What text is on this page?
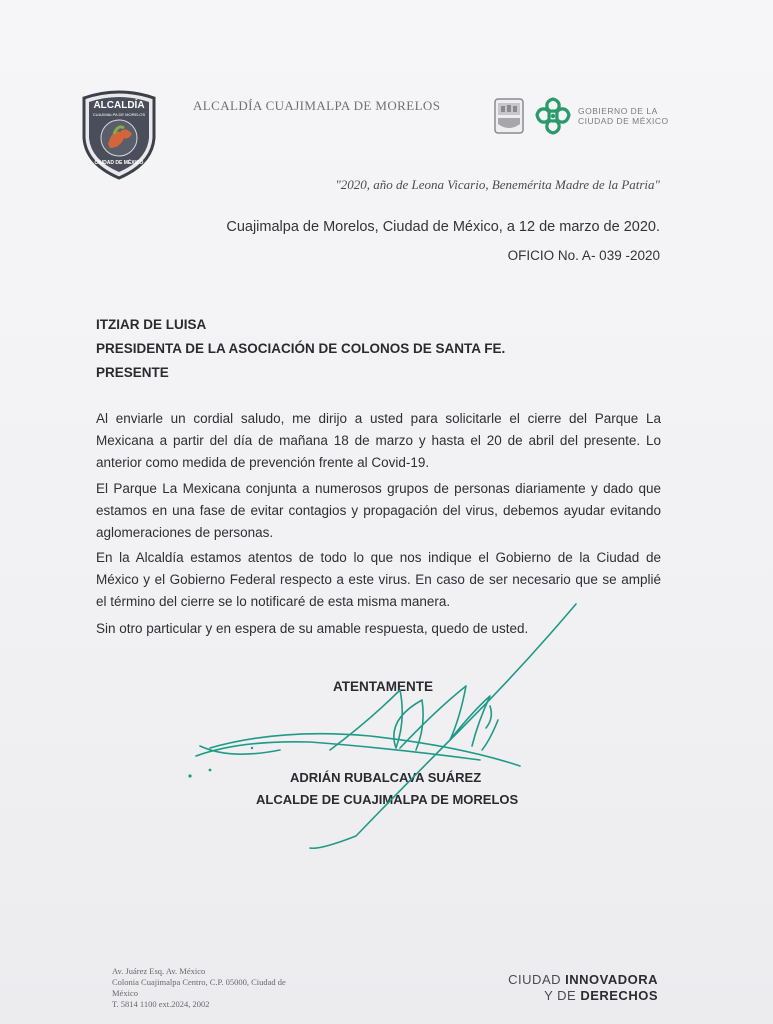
ALCALDÍA
CUAJIMALPA DE MORELOS
CIUDAD DE MÉXICO
ALCALDÍA CUAJIMALPA DE MORELOS	GOBIERNO DE LA
CIUDAD DE MÉXICO
"2020, año de Leona Vicario, Benemérita Madre de la Patria"
Cuajimalpa de Morelos, Ciudad de México, a 12 de marzo de 2020.
OFICIO No. A- 039 -2020
ITZIAR DE LUISA
PRESIDENTA DE LA ASOCIACIÓN DE COLONOS DE SANTA FE.
PRESENTE
Al enviarle un cordial saludo, me dirijo a usted para solicitarle el cierre del Parque La Mexicana a partir del día de mañana 18 de marzo y hasta el 20 de abril del presente. Lo anterior como medida de prevención frente al Covid-19.
El Parque La Mexicana conjunta a numerosos grupos de personas diariamente y dado que estamos en una fase de evitar contagios y propagación del virus, debemos ayudar evitando aglomeraciones de personas.
En la Alcaldía estamos atentos de todo lo que nos indique el Gobierno de la Ciudad de México y el Gobierno Federal respecto a este virus. En caso de ser necesario que se amplié el término del cierre se lo notificaré de esta misma manera.
Sin otro particular y en espera de su amable respuesta, quedo de usted.
ATENTAMENTE
ADRIÁN RUBALCAVA SUÁREZ
ALCALDE DE CUAJIMALPA DE MORELOS
Av. Juárez Esq. Av. México
Colonia Cuajimalpa Centro, C.P. 05000, Ciudad de
México
T. 5814 1100 ext.2024, 2002
CIUDAD INNOVADORA
Y DE DERECHOS
